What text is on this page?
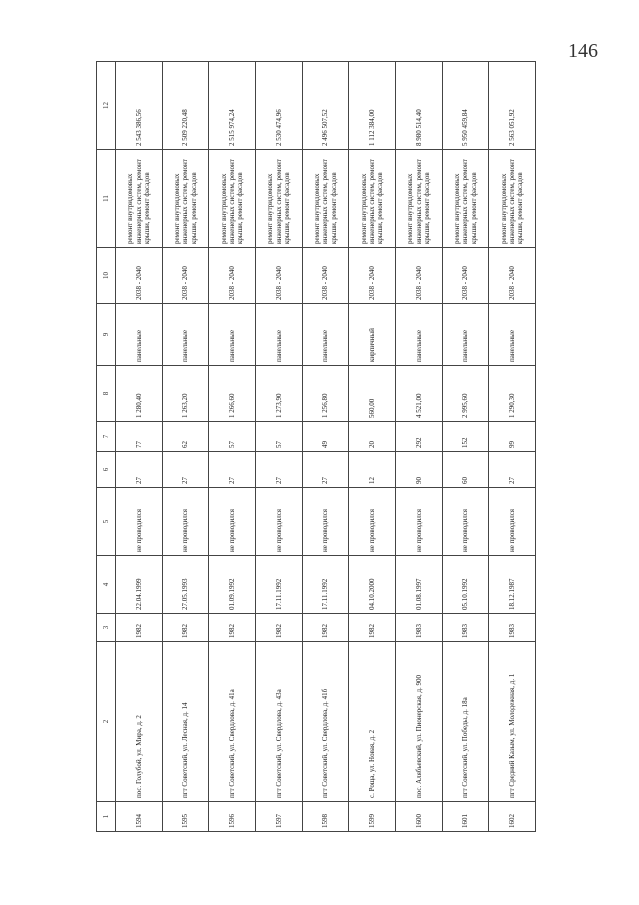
146
1	2	3	4	5	6	7	8	9	10	11	12
1594	пос. Голубой, ул. Мира, д. 2	1982	22.04.1999	не проводился	27	77	1 280,40	панельные	2038 - 2040	ремонт внутридомовых инженерных систем, ремонт крыши, ремонт фасадов	2 543 386,56
1595	пгт Советский, ул. Лесная, д. 14	1982	27.05.1993	не проводился	27	62	1 263,20	панельные	2038 - 2040	ремонт внутридомовых инженерных систем, ремонт крыши, ремонт фасадов	2 509 220,48
1596	пгт Советский, ул. Свердлова, д. 41а	1982	01.09.1992	не проводился	27	57	1 266,60	панельные	2038 - 2040	ремонт внутридомовых инженерных систем, ремонт крыши, ремонт фасадов	2 515 974,24
1597	пгт Советский, ул. Свердлова, д. 43а	1982	17.11.1992	не проводился	27	57	1 273,90	панельные	2038 - 2040	ремонт внутридомовых инженерных систем, ремонт крыши, ремонт фасадов	2 530 474,96
1598	пгт Советский, ул. Свердлова, д. 41б	1982	17.11.1992	не проводился	27	49	1 256,80	панельные	2038 - 2040	ремонт внутридомовых инженерных систем, ремонт крыши, ремонт фасадов	2 496 507,52
1599	с. Роща, ул. Новая, д. 2	1982	04.10.2000	не проводился	12	20	560,00	кирпичный	2038 - 2040	ремонт внутридомовых инженерных систем, ремонт крыши, ремонт фасадов	1 112 384,00
1600	пос. Алябьевский, ул. Пионерская, д. 900	1983	01.08.1997	не проводился	90	292	4 521,00	панельные	2038 - 2040	ремонт внутридомовых инженерных систем, ремонт крыши, ремонт фасадов	8 980 514,40
1601	пгт Советский, ул. Победы, д. 18а	1983	05.10.1992	не проводился	60	152	2 995,60	панельные	2038 - 2040	ремонт внутридомовых инженерных систем, ремонт крыши, ремонт фасадов	5 950 459,84
1602	пгт Средний Казым, ул. Молодежная, д. 1	1983	18.12.1987	не проводился	27	99	1 290,30	панельные	2038 - 2040	ремонт внутридомовых инженерных систем, ремонт крыши, ремонт фасадов	2 563 051,92
